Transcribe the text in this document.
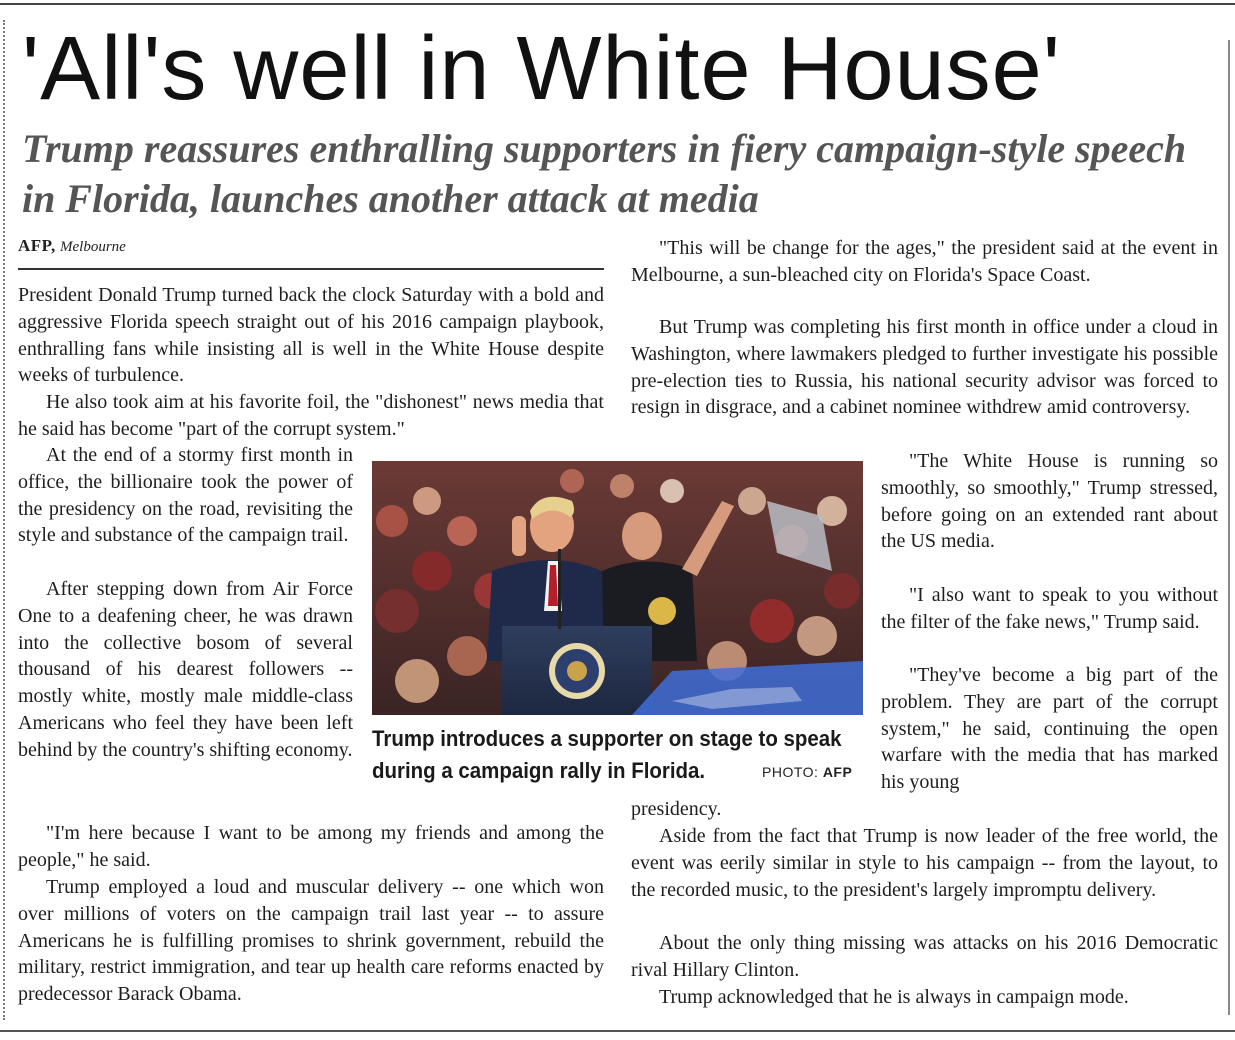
'All's well in White House'
Trump reassures enthralling supporters in fiery campaign-style speech in Florida, launches another attack at media
AFP, Melbourne

President Donald Trump turned back the clock Saturday with a bold and aggressive Florida speech straight out of his 2016 campaign playbook, enthralling fans while insisting all is well in the White House despite weeks of turbulence.

He also took aim at his favorite foil, the "dishonest" news media that he said has become "part of the corrupt system."

At the end of a stormy first month in office, the billionaire took the power of the presidency on the road, revisiting the style and substance of the campaign trail.

After stepping down from Air Force One to a deafening cheer, he was drawn into the collective bosom of several thousand of his dearest followers -- mostly white, mostly male middle-class Americans who feel they have been left behind by the country's shifting economy.

"I'm here because I want to be among my friends and among the people," he said.

Trump employed a loud and muscular delivery -- one which won over millions of voters on the campaign trail last year -- to assure Americans he is fulfilling promises to shrink government, rebuild the military, restrict immigration, and tear up health care reforms enacted by predecessor Barack Obama.

"This will be change for the ages," the president said at the event in Melbourne, a sun-bleached city on Florida's Space Coast.

But Trump was completing his first month in office under a cloud in Washington, where lawmakers pledged to further investigate his possible pre-election ties to Russia, his national security advisor was forced to resign in disgrace, and a cabinet nominee withdrew amid controversy.

"The White House is running so smoothly, so smoothly," Trump stressed, before going on an extended rant about the US media.

"I also want to speak to you without the filter of the fake news," Trump said.

"They've become a big part of the problem. They are part of the corrupt system," he said, continuing the open warfare with the media that has marked his young

presidency.

Aside from the fact that Trump is now leader of the free world, the event was eerily similar in style to his campaign -- from the layout, to the recorded music, to the president's largely impromptu delivery.

About the only thing missing was attacks on his 2016 Democratic rival Hillary Clinton.

Trump acknowledged that he is always in campaign mode.

Trump introduces a supporter on stage to speak
during a campaign rally in Florida.	PHOTO: AFP
